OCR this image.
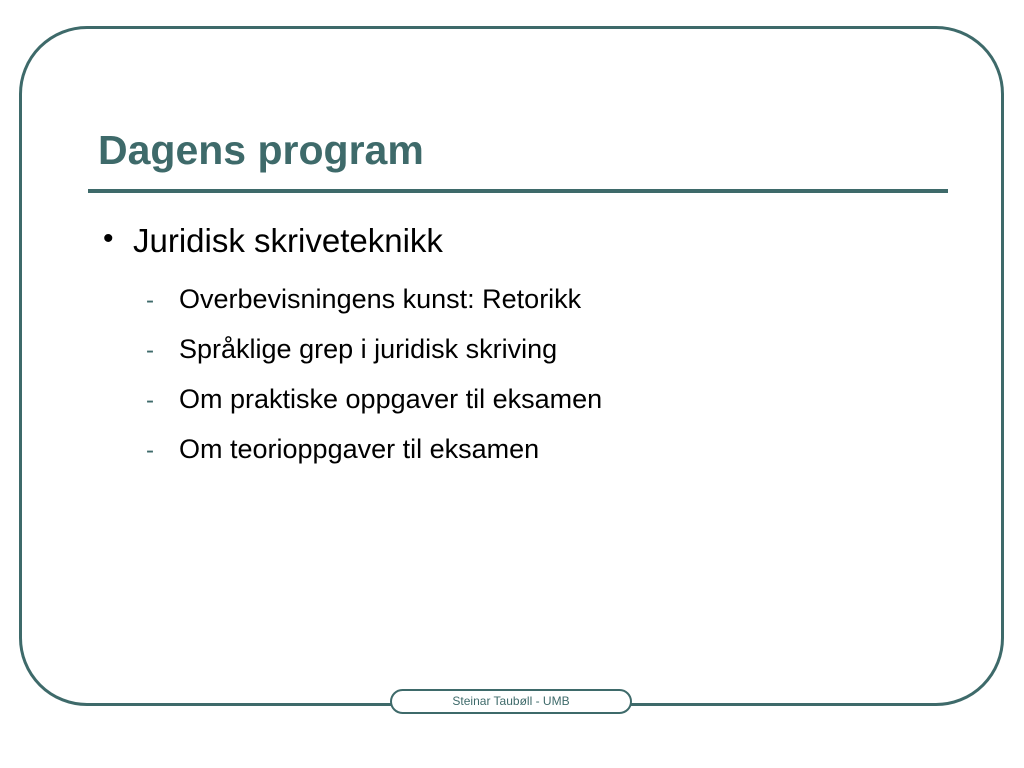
Dagens program
• Juridisk skriveteknikk
- Overbevisningens kunst: Retorikk
- Språklige grep i juridisk skriving
- Om praktiske oppgaver til eksamen
- Om teorioppgaver til eksamen
Steinar Taubøll - UMB
